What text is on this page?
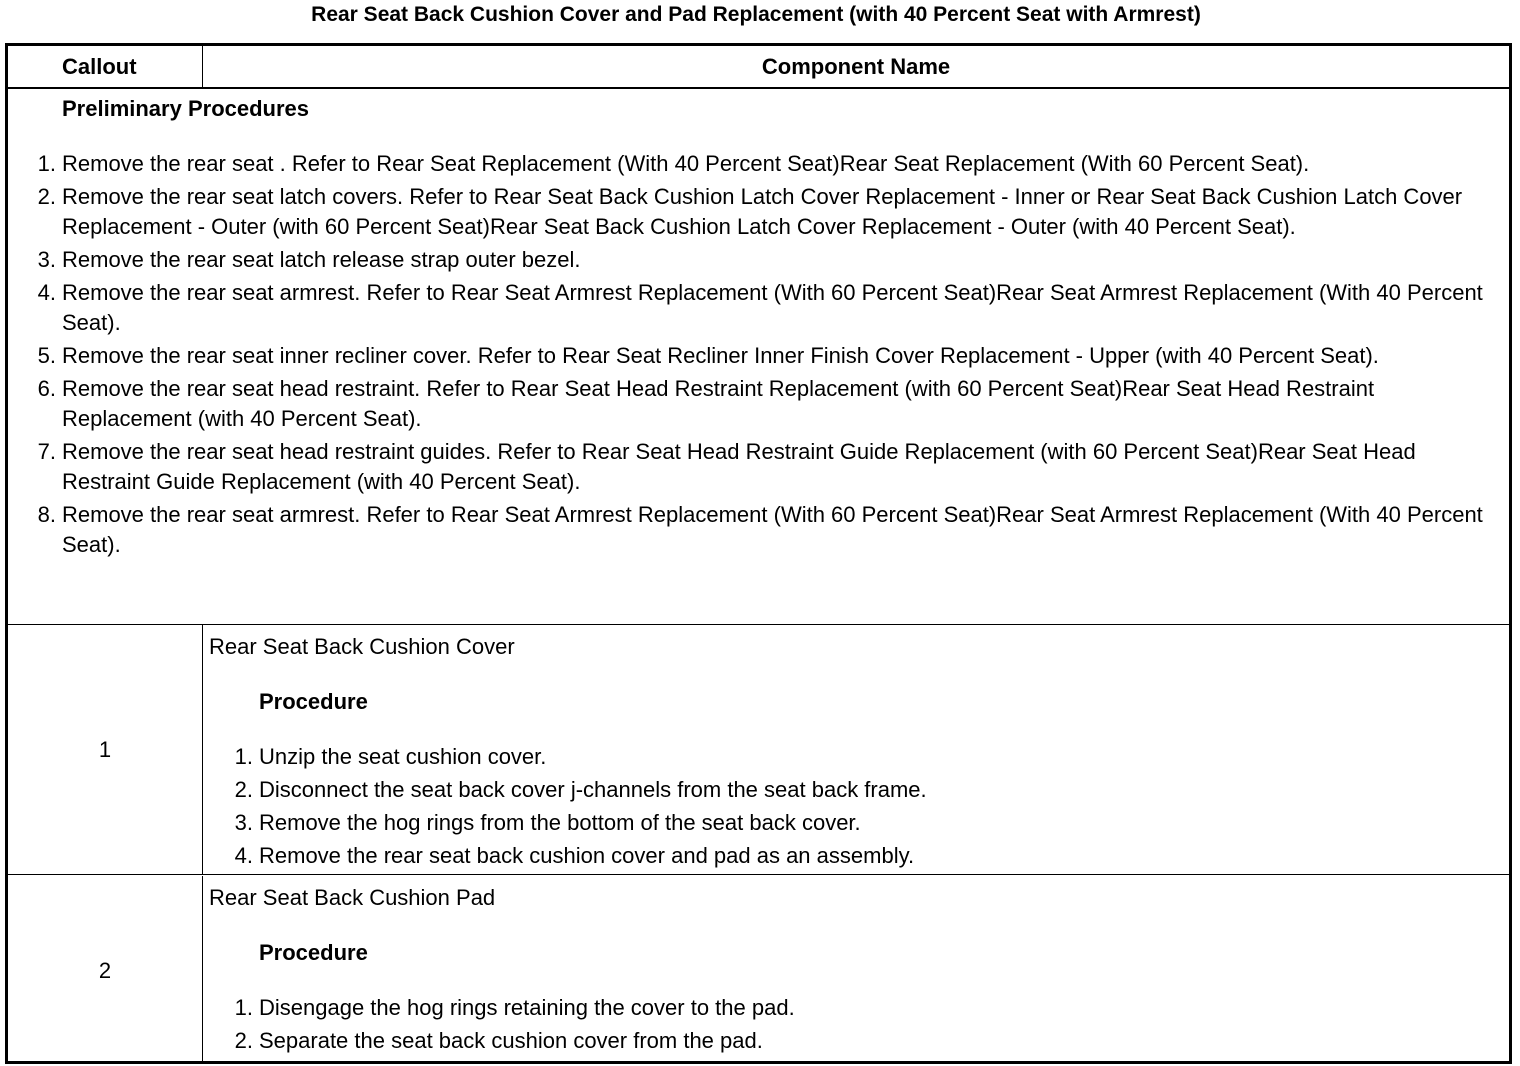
Rear Seat Back Cushion Cover and Pad Replacement (with 40 Percent Seat with Armrest)
Callout	Component Name
Preliminary Procedures
1. Remove the rear seat . Refer to Rear Seat Replacement (With 40 Percent Seat)Rear Seat Replacement (With 60 Percent Seat).
2. Remove the rear seat latch covers. Refer to Rear Seat Back Cushion Latch Cover Replacement - Inner or Rear Seat Back Cushion Latch Cover Replacement - Outer (with 60 Percent Seat)Rear Seat Back Cushion Latch Cover Replacement - Outer (with 40 Percent Seat).
3. Remove the rear seat latch release strap outer bezel.
4. Remove the rear seat armrest. Refer to Rear Seat Armrest Replacement (With 60 Percent Seat)Rear Seat Armrest Replacement (With 40 Percent Seat).
5. Remove the rear seat inner recliner cover. Refer to Rear Seat Recliner Inner Finish Cover Replacement - Upper (with 40 Percent Seat).
6. Remove the rear seat head restraint. Refer to Rear Seat Head Restraint Replacement (with 60 Percent Seat)Rear Seat Head Restraint Replacement (with 40 Percent Seat).
7. Remove the rear seat head restraint guides. Refer to Rear Seat Head Restraint Guide Replacement (with 60 Percent Seat)Rear Seat Head Restraint Guide Replacement (with 40 Percent Seat).
8. Remove the rear seat armrest. Refer to Rear Seat Armrest Replacement (With 60 Percent Seat)Rear Seat Armrest Replacement (With 40 Percent Seat).
1
Rear Seat Back Cushion Cover
Procedure
1. Unzip the seat cushion cover.
2. Disconnect the seat back cover j-channels from the seat back frame.
3. Remove the hog rings from the bottom of the seat back cover.
4. Remove the rear seat back cushion cover and pad as an assembly.
2
Rear Seat Back Cushion Pad
Procedure
1. Disengage the hog rings retaining the cover to the pad.
2. Separate the seat back cushion cover from the pad.
